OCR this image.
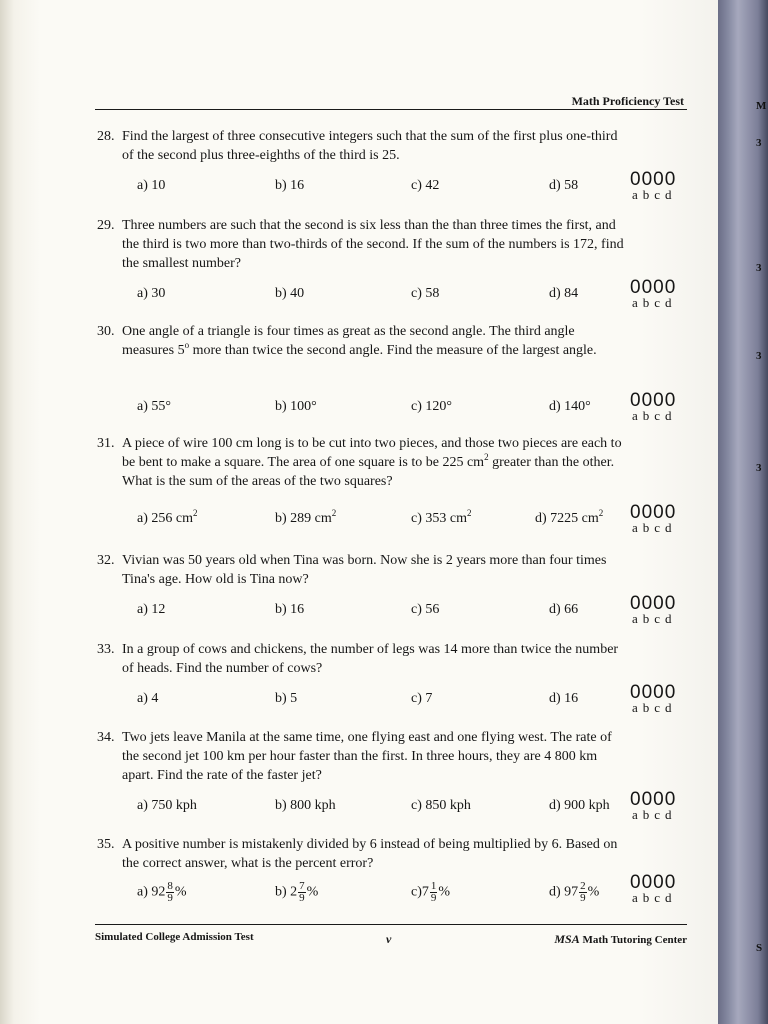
Math Proficiency Test

28. Find the largest of three consecutive integers such that the sum of the first plus one-third of the second plus three-eighths of the third is 25.

a) 10	b) 16	c) 42	d) 58	0000
abcd

29. Three numbers are such that the second is six less than the than three times the first, and the third is two more than two-thirds of the second. If the sum of the numbers is 172, find the smallest number?

a) 30	b) 40	c) 58	d) 84	0000
abcd

30. One angle of a triangle is four times as great as the second angle. The third angle measures 5$^o$ more than twice the second angle. Find the measure of the largest angle.

a) 55°	b) 100°	c) 120°	d) 140° 0000
abcd

31. A piece of wire 100 cm long is to be cut into two pieces, and those two pieces are each to be bent to make a square. The area of one square is to be 225 $cm^2$ greater than the other. What is the sum of the areas of the two squares?

a) 256 $cm^2$	b) 289 $cm^2$	c) 353 $cm^2$	d) 7225 $cm^2$ 0000
abcd

32. Vivian was 50 years old when Tina was born. Now she is 2 years more than four times Tina's age. How old is Tina now?

a) 12	b) 16	c) 56	d) 66	0000
abcd

33. In a group of cows and chickens, the number of legs was 14 more than twice the number of heads. Find the number of cows?

a) 4	b) 5	c) 7	d) 16	0000
abcd

34. Two jets leave Manila at the same time, one flying east and one flying west. The rate of the second jet 100 km per hour faster than the first. In three hours, they are 4 800 km apart. Find the rate of the faster jet?

a) 750 kph	b) 800 kph	c) 850 kph	d) 900 kph 0000
abcd

35. A positive number is mistakenly divided by 6 instead of being multiplied by 6. Based on the correct answer, what is the percent error?

a) $92 \frac{8}{9}$ %	b) $2 \frac{7}{9}$ %	$c)7 \frac{1}{9}$ %	d) $97 \frac{2}{9}$ % 0000
abcd
Simulated College Admission Test	v	MSA Math Tutoring Center
M
3
3
3
3
S
